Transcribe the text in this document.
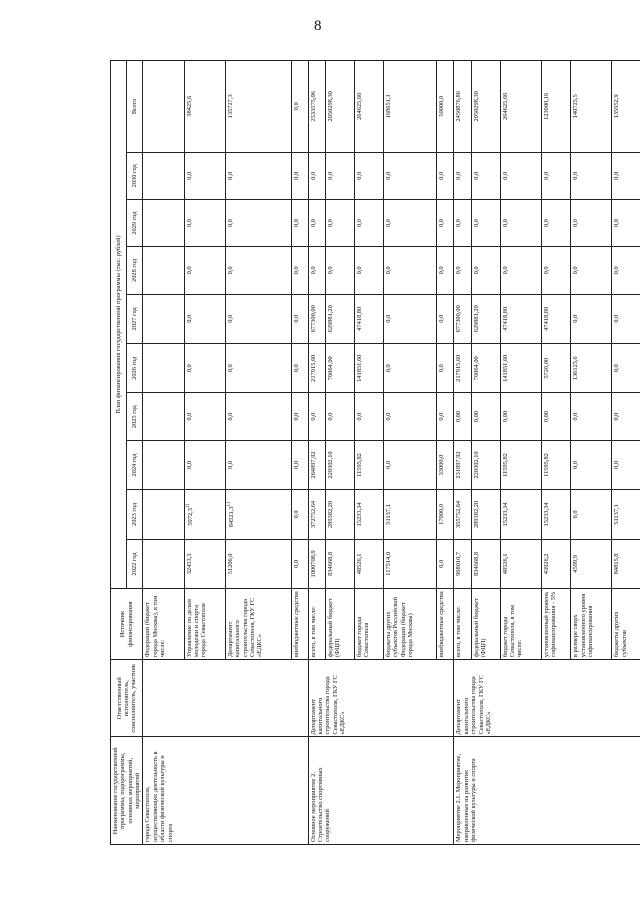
8
Наименование государственной программы, подпрограммы, основных мероприятий, мероприятий	Ответственный исполнитель, соисполнитель, участник	Источник финансирования	План финансирования государственной программы (тыс. рублей)									
			2022 год	2023 год	2024 год	2025 год	2026 год	2027 год	2028 год	2029 год	2030 год	Всего
города Севастополя, осуществляющих деятельность в области физической культуры и спорта		Федерации (бюджет города Москвы), в том числе:										
		Управление по делам молодежи и спорта города Севастополя	32453,3	5972,3$^{11}$	0,0	0,0	0,0	0,0	0,0	0,0	0,0	38425,6
		Департамент капитального строительства города Севастополя, ГКУ ГС «ЕДКС»	51206,0	84521,3$^{11}$	0,0	0,0	0,0	0,0	0,0	0,0	0,0	135727,3
		внебюджетные средства	0,0	0,0	0,0	0,0	0,0	0,0	0,0	0,0	0,0	0,0
Основное мероприятие 2. Строительство спортивных сооружений	Департамент капитального строительства города Севастополя, ГКУ ГС «ЕДКС»	всего, в том числе:	1000708,9	372752,64	264897,92	0,0	217915,60	677300,00	0,0	0,0	0,0	2533575,06
		федеральный бюджет (ФЦП)	834668,8	289382,20	220302,10	0,0	76064,00	629881,20	0,0	0,0	0,0	2050298,30
		бюджет города Севастополя	48526,1	15233,34	11595,82	0,0	141851,60	47418,80	0,0	0,0	0,0	264625,66
		бюджеты других субъектов Российской Федерации (бюджет города Москвы)	117514,0	51137,1	0,0	0,0	0,0	0,0	0,0	0,0	0,0	168651,1
		внебюджетные средства	0,0	17000,0	33000,0	0,0	0,0	0,0	0,0	0,0	0,0	50000,0
Мероприятие 2.1. Мероприятие, направленные на развитие физической культуры и спорта	Департамент капитального строительства города Севастополя, ГКУ ГС «ЕДКС»	всего, в том числе:	968010,7	355752,64	231897,92	0,00	217915,60	677300,00	0,0	0,0	0,0	2450876,86
		федеральный бюджет (ФЦП)	834668,8	289382,20	220302,10	0,00	76064,00	629881,20	0,0	0,0	0,0	2050298,30
		бюджет города Севастополя, в том числе:	48526,1	15233,34	11595,82	0,00	141851,60	47418,80	0,0	0,0	0,0	264625,66
		установленный уровень софинансирования - 5%	43926,2	15233,34	11595,82	0,00	5726,00	47418,80	0,0	0,0	0,0	123900,16
		в размере сверх установленного уровня софинансирования	4599,9	0,0	0,0	0,0	136125,6	0,0	0,0	0,0	0,0	140725,5
		бюджеты других субъектов	84815,8	51137,1	0,0	0,0	0,0	0,0	0,0	0,0	0,0	135952,9
